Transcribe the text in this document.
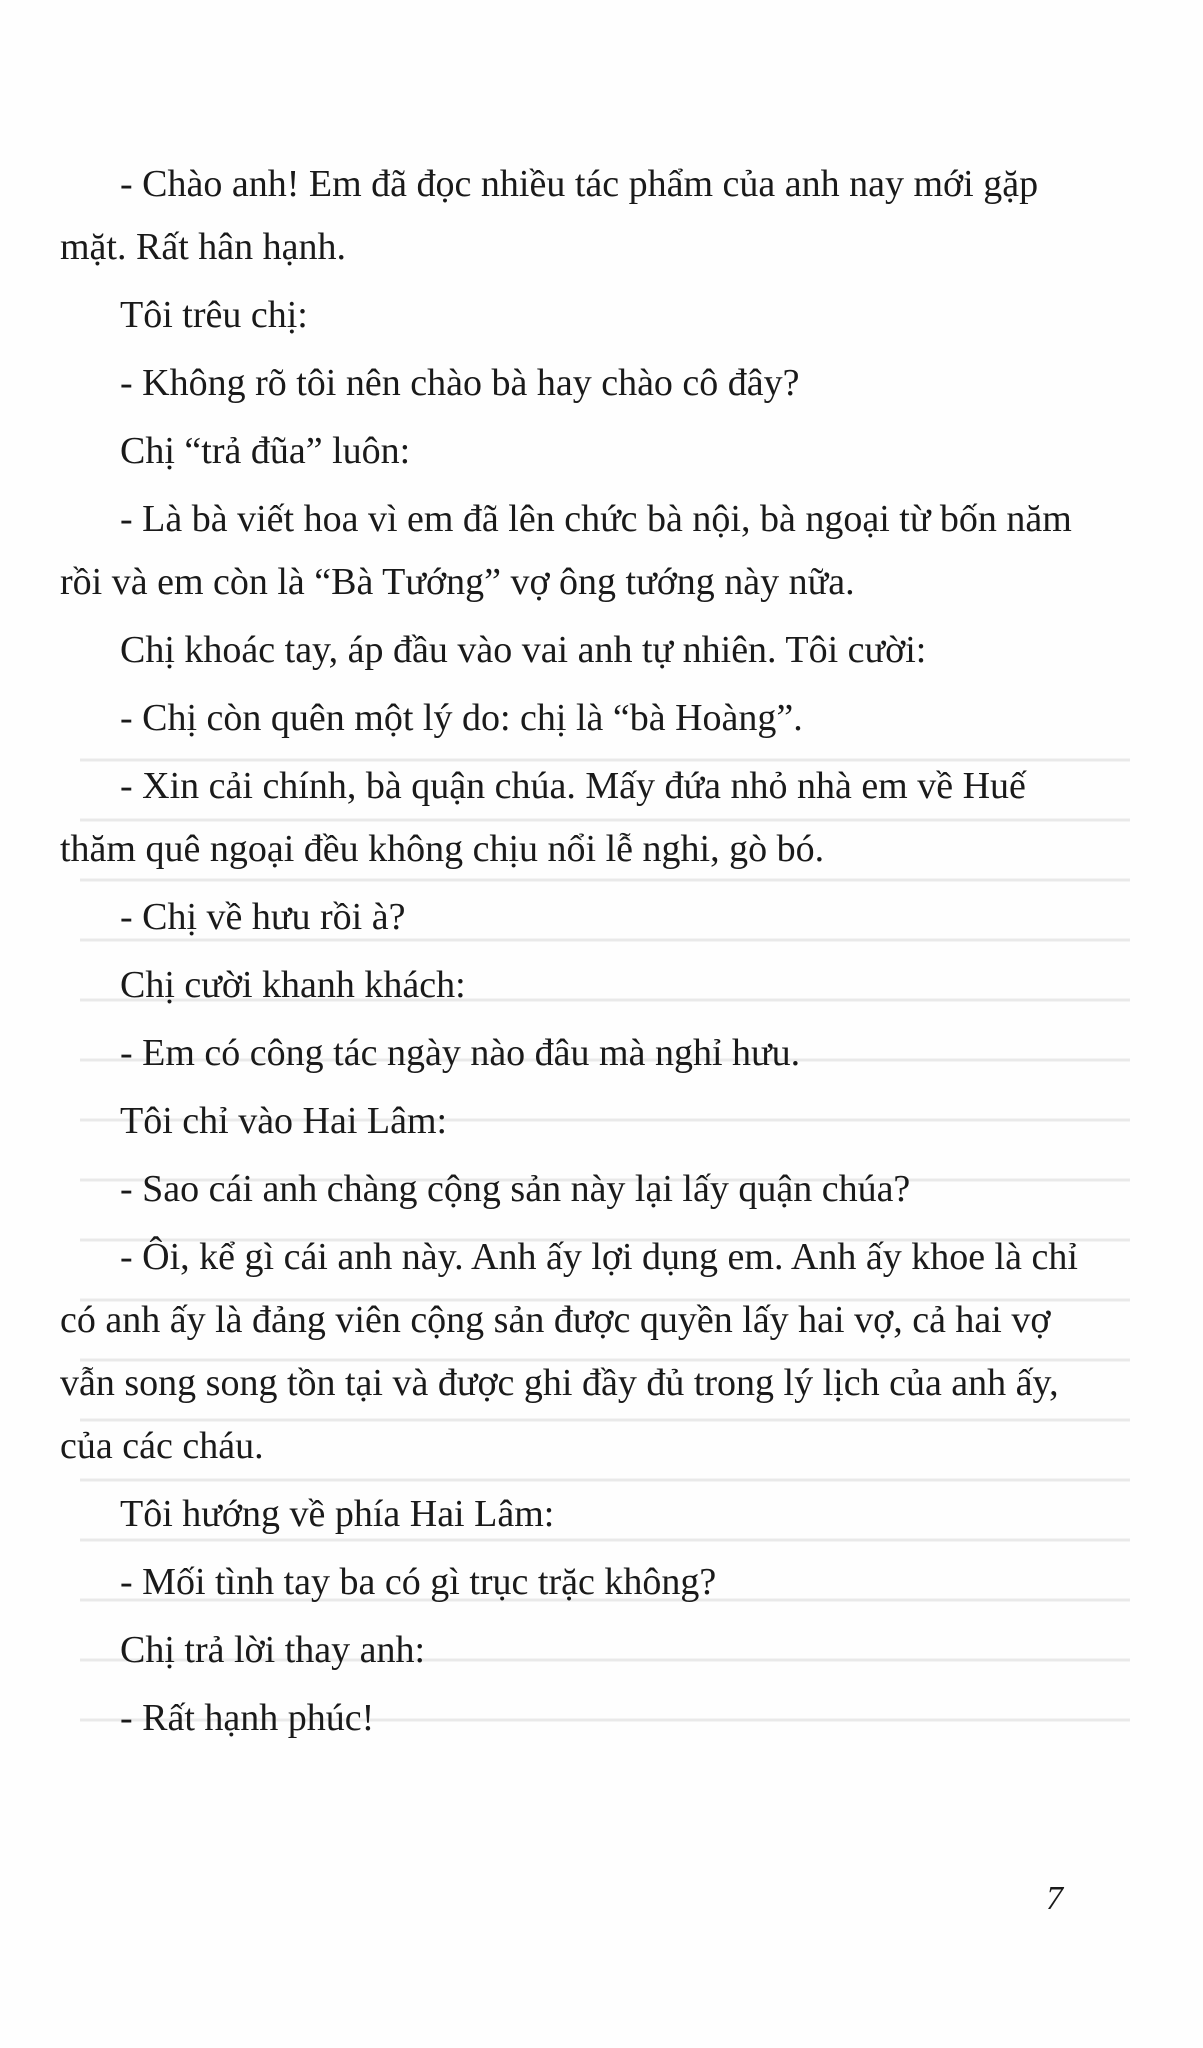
- Chào anh! Em đã đọc nhiều tác phẩm của anh nay mới gặp
mặt. Rất hân hạnh.
Tôi trêu chị:
- Không rõ tôi nên chào bà hay chào cô đây?
Chị “trả đũa” luôn:
- Là bà viết hoa vì em đã lên chức bà nội, bà ngoại từ bốn năm
rồi và em còn là “Bà Tướng” vợ ông tướng này nữa.
Chị khoác tay, áp đầu vào vai anh tự nhiên. Tôi cười:
- Chị còn quên một lý do: chị là “bà Hoàng”.
- Xin cải chính, bà quận chúa. Mấy đứa nhỏ nhà em về Huế
thăm quê ngoại đều không chịu nổi lễ nghi, gò bó.
- Chị về hưu rồi à?
Chị cười khanh khách:
- Em có công tác ngày nào đâu mà nghỉ hưu.
Tôi chỉ vào Hai Lâm:
- Sao cái anh chàng cộng sản này lại lấy quận chúa?
- Ôi, kể gì cái anh này. Anh ấy lợi dụng em. Anh ấy khoe là chỉ
có anh ấy là đảng viên cộng sản được quyền lấy hai vợ, cả hai vợ
vẫn song song tồn tại và được ghi đầy đủ trong lý lịch của anh ấy,
của các cháu.
Tôi hướng về phía Hai Lâm:
- Mối tình tay ba có gì trục trặc không?
Chị trả lời thay anh:
- Rất hạnh phúc!
7
